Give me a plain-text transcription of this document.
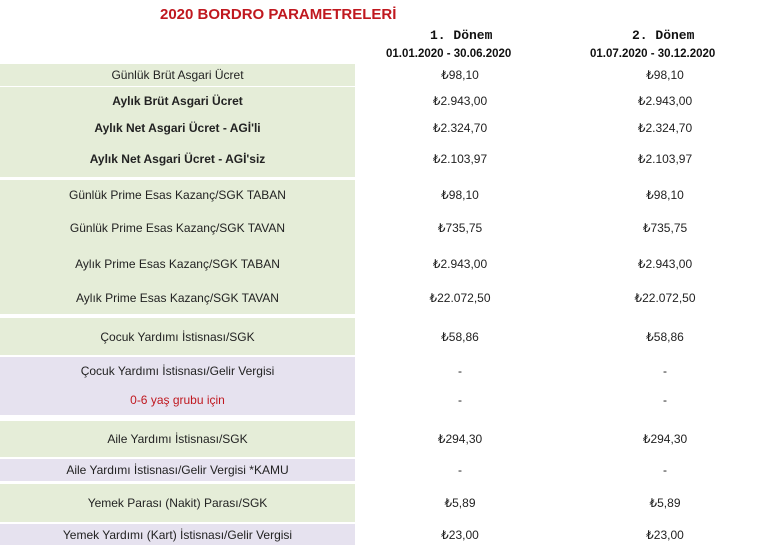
2020 BORDRO PARAMETRELERİ
1. Dönem	2. Dönem
01.01.2020 - 30.06.2020	01.07.2020 - 30.12.2020
Günlük Brüt Asgari Ücret	₺98,10	₺98,10
Aylık Brüt Asgari Ücret	₺2.943,00	₺2.943,00
Aylık Net Asgari Ücret - AGİ'li	₺2.324,70	₺2.324,70
Aylık Net Asgari Ücret - AGİ'siz	₺2.103,97	₺2.103,97
Günlük Prime Esas Kazanç/SGK TABAN	₺98,10	₺98,10
Günlük Prime Esas Kazanç/SGK TAVAN	₺735,75	₺735,75
Aylık Prime Esas Kazanç/SGK TABAN	₺2.943,00	₺2.943,00
Aylık Prime Esas Kazanç/SGK TAVAN	₺22.072,50	₺22.072,50
Çocuk Yardımı İstisnası/SGK	₺58,86	₺58,86
Çocuk Yardımı İstisnası/Gelir Vergisi	-	-
0-6 yaş grubu için	-	-
Aile Yardımı İstisnası/SGK	₺294,30	₺294,30
Aile Yardımı İstisnası/Gelir Vergisi *KAMU	-	-
Yemek Parası (Nakit) Parası/SGK	₺5,89	₺5,89
Yemek Yardımı (Kart) İstisnası/Gelir Vergisi	₺23,00	₺23,00
